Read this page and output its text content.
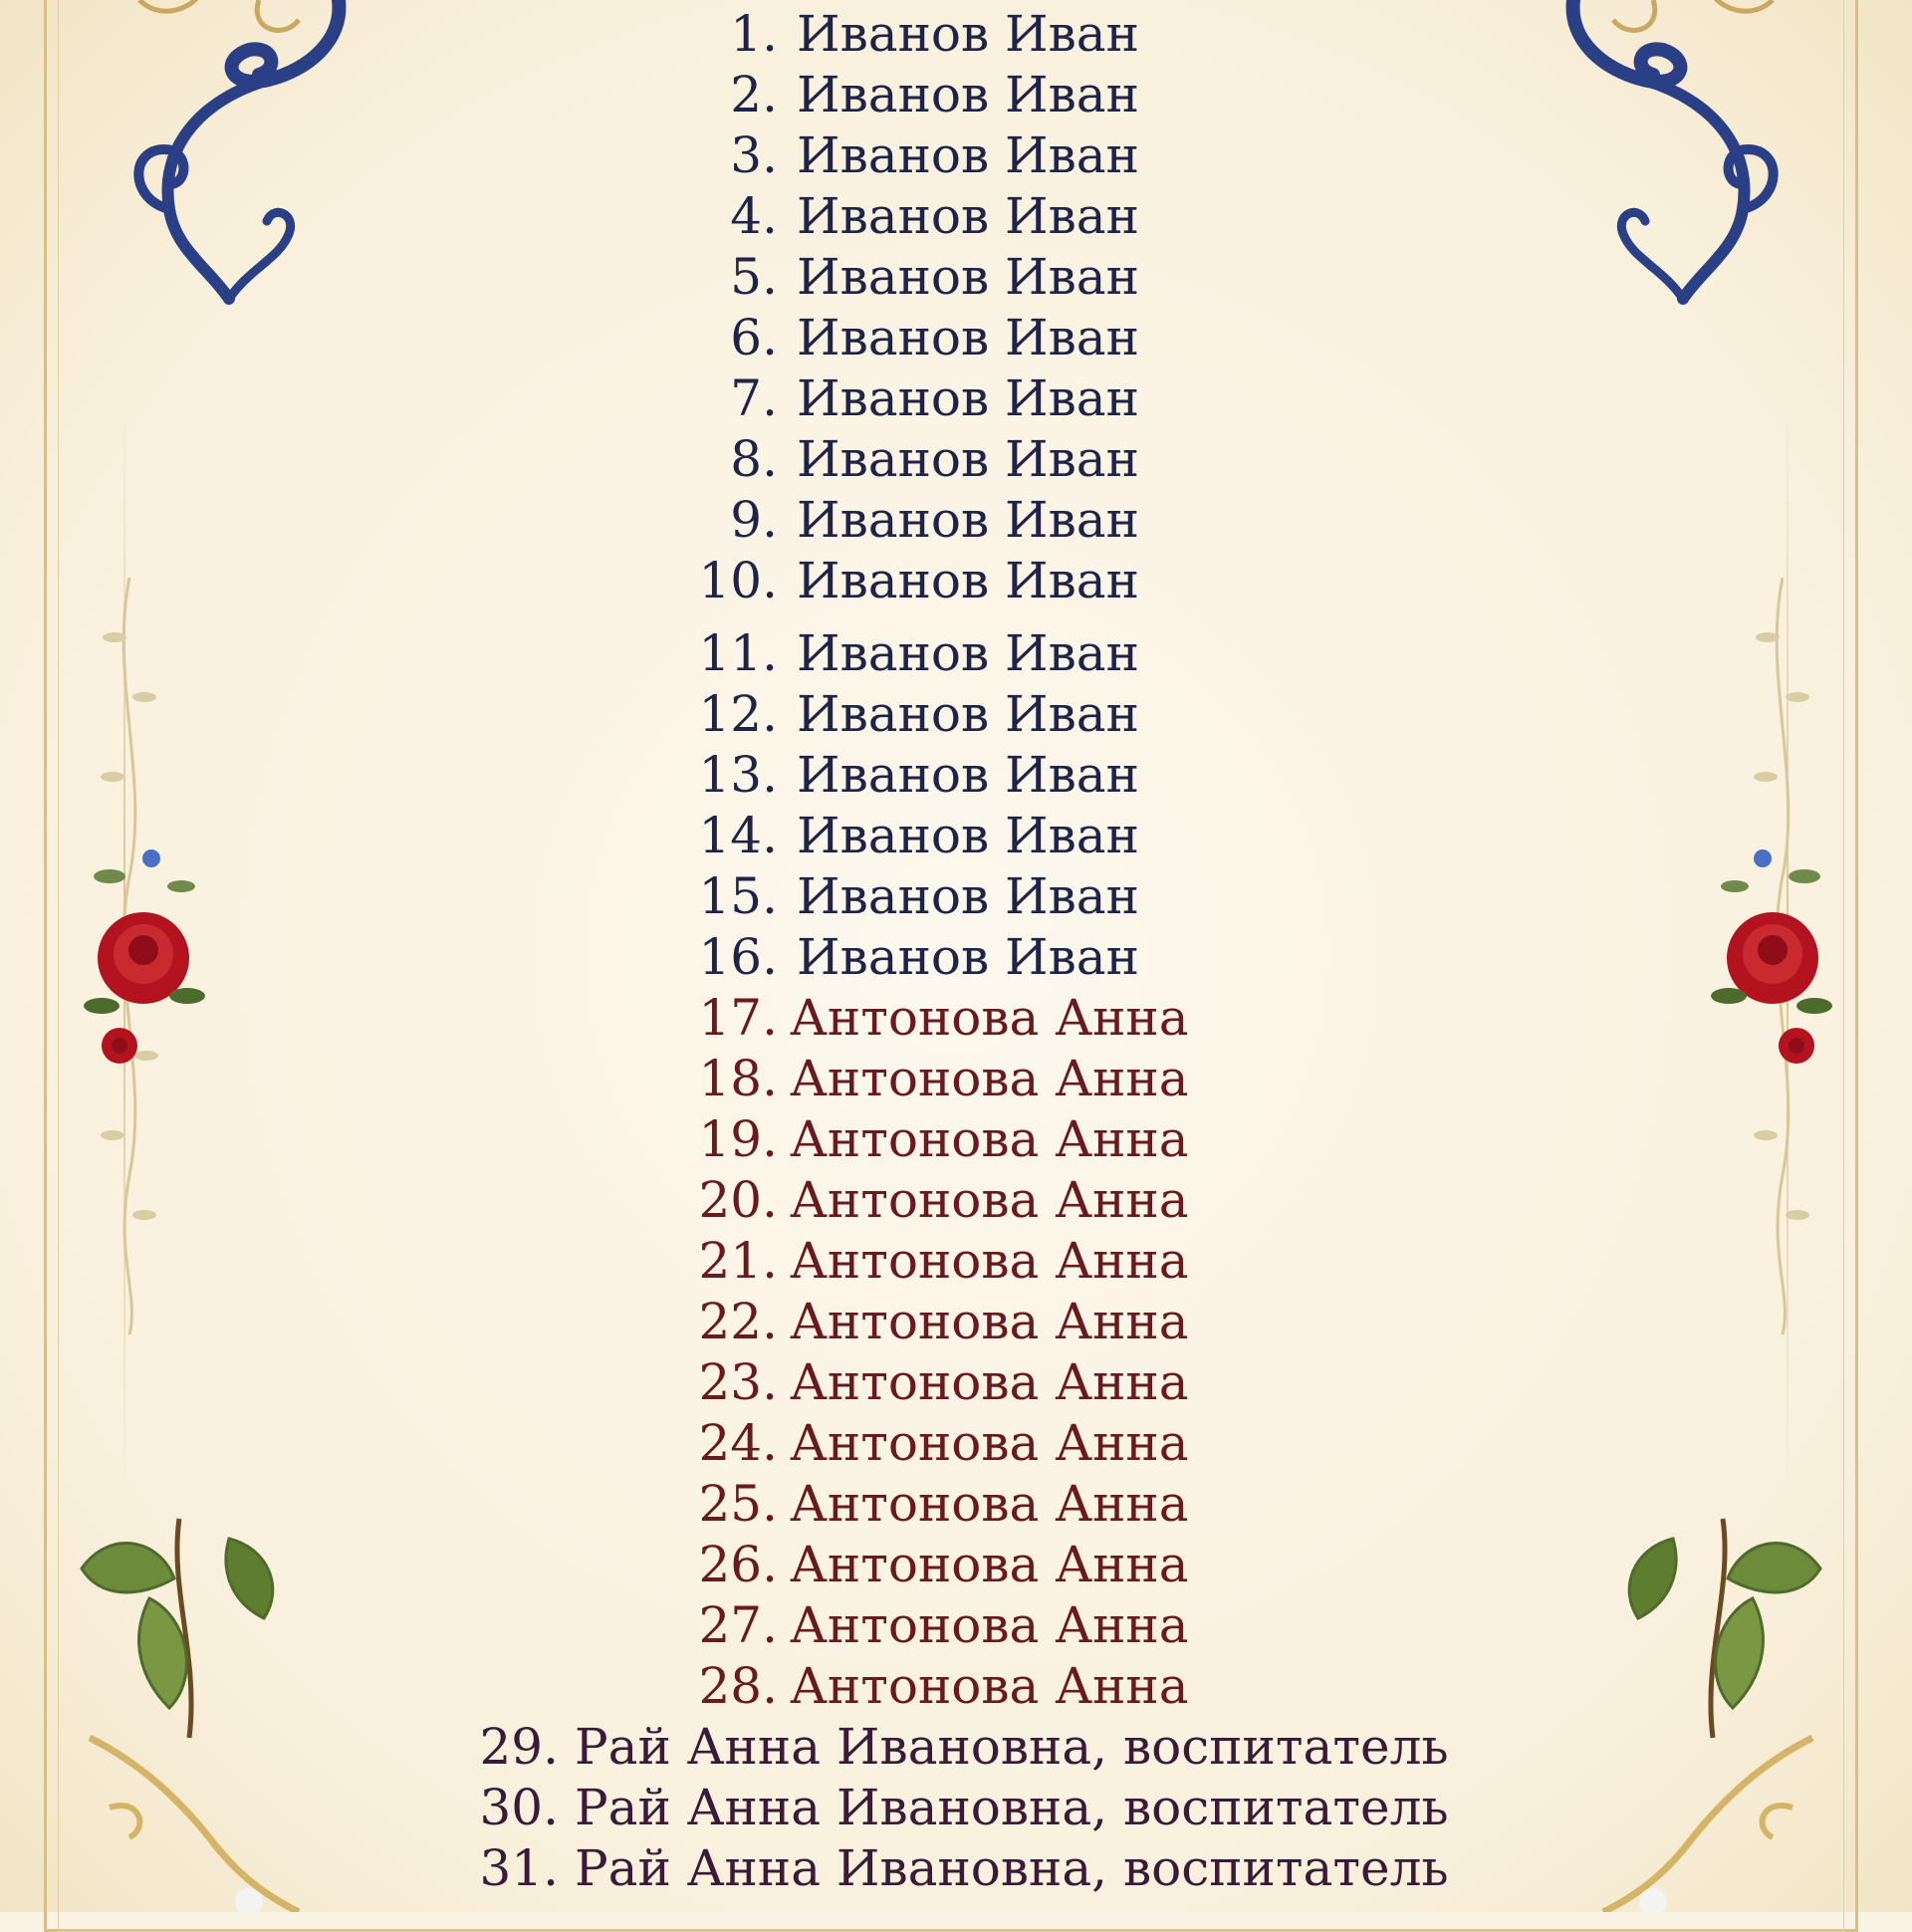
1. Иванов Иван
2. Иванов Иван
3. Иванов Иван
4. Иванов Иван
5. Иванов Иван
6. Иванов Иван
7. Иванов Иван
8. Иванов Иван
9. Иванов Иван
10. Иванов Иван
11. Иванов Иван
12. Иванов Иван
13. Иванов Иван
14. Иванов Иван
15. Иванов Иван
16. Иванов Иван
17. Антонова Анна
18. Антонова Анна
19. Антонова Анна
20. Антонова Анна
21. Антонова Анна
22. Антонова Анна
23. Антонова Анна
24. Антонова Анна
25. Антонова Анна
26. Антонова Анна
27. Антонова Анна
28. Антонова Анна
29. Рай Анна Ивановна, воспитатель
30. Рай Анна Ивановна, воспитатель
31. Рай Анна Ивановна, воспитатель
